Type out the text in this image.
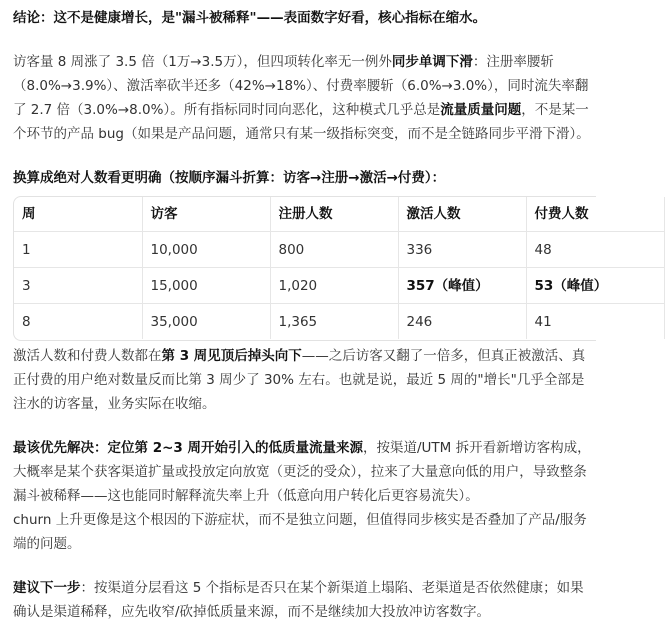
结论：这不是健康增长，是"漏斗被稀释"——表面数字好看，核心指标在缩水。

访客量 8 周涨了 3.5 倍（1万→3.5万），但四项转化率无一例外同步单调下滑：注册率腰斩（8.0%→3.9%）、激活率砍半还多（42%→18%）、付费率腰斩（6.0%→3.0%），同时流失率翻了 2.7 倍（3.0%→8.0%）。所有指标同时同向恶化，这种模式几乎总是流量质量问题，不是某一个环节的产品 bug（如果是产品问题，通常只有某一级指标突变，而不是全链路同步平滑下滑）。

换算成绝对人数看更明确（按顺序漏斗折算：访客→注册→激活→付费）：

周	访客	注册人数	激活人数	付费人数
1	10,000	800	336	48
3	15,000	1,020	357（峰值）	53（峰值）
8	35,000	1,365	246	41

激活人数和付费人数都在第 3 周见顶后掉头向下——之后访客又翻了一倍多，但真正被激活、真正付费的用户绝对数量反而比第 3 周少了 30% 左右。也就是说，最近 5 周的"增长"几乎全部是注水的访客量，业务实际在收缩。

最该优先解决：定位第 2~3 周开始引入的低质量流量来源，按渠道/UTM 拆开看新增访客构成，大概率是某个获客渠道扩量或投放定向放宽（更泛的受众），拉来了大量意向低的用户，导致整条漏斗被稀释——这也能同时解释流失率上升（低意向用户转化后更容易流失）。

churn 上升更像是这个根因的下游症状，而不是独立问题，但值得同步核实是否叠加了产品/服务端的问题。

建议下一步：按渠道分层看这 5 个指标是否只在某个新渠道上塌陷、老渠道是否依然健康；如果确认是渠道稀释，应先收窄/砍掉低质量来源，而不是继续加大投放冲访客数字。
